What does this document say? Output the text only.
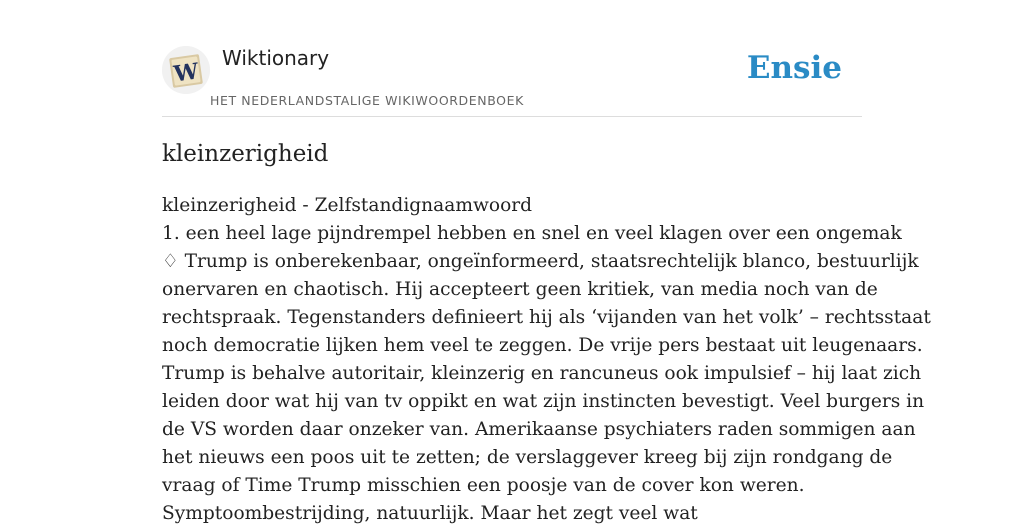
W
Wiktionary
HET NEDERLANDSTALIGE WIKIWOORDENBOEK
Ensie
kleinzerigheid
kleinzerigheid - Zelfstandignaamwoord
1. een heel lage pijndrempel hebben en snel en veel klagen over een ongemak
♢ Trump is onberekenbaar, ongeïnformeerd, staatsrechtelijk blanco, bestuurlijk
onervaren en chaotisch. Hij accepteert geen kritiek, van media noch van de
rechtspraak. Tegenstanders definieert hij als ‘vijanden van het volk’ – rechtsstaat
noch democratie lijken hem veel te zeggen. De vrije pers bestaat uit leugenaars.
Trump is behalve autoritair, kleinzerig en rancuneus ook impulsief – hij laat zich
leiden door wat hij van tv oppikt en wat zijn instincten bevestigt. Veel burgers in
de VS worden daar onzeker van. Amerikaanse psychiaters raden sommigen aan
het nieuws een poos uit te zetten; de verslaggever kreeg bij zijn rondgang de
vraag of Time Trump misschien een poosje van de cover kon weren.
Symptoombestrijding, natuurlijk. Maar het zegt veel wat
